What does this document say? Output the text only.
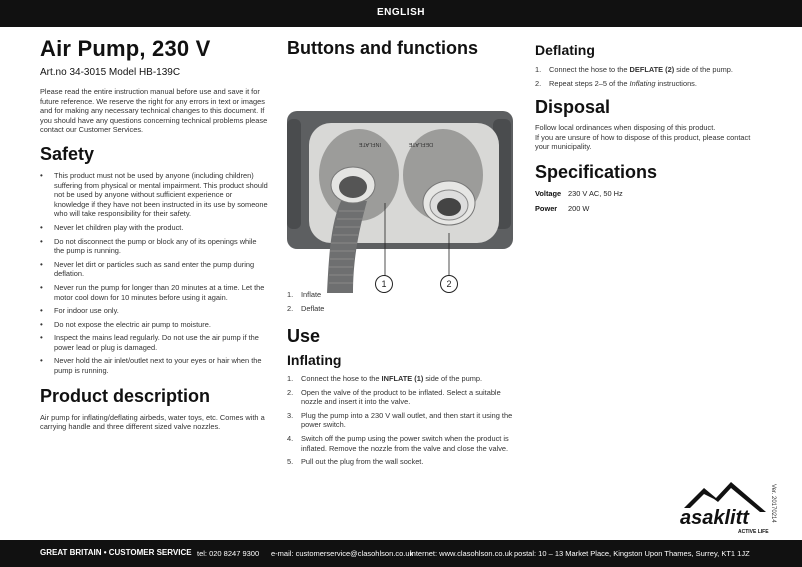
ENGLISH
Air Pump, 230 V
Art.no 34-3015 Model HB-139C

Please read the entire instruction manual before use and save it for future reference. We reserve the right for any errors in text or images and for making any necessary technical changes to this document. If you should have any questions concerning technical problems please contact our Customer Services.

Safety
• This product must not be used by anyone (including children) suffering from physical or mental impairment. This product should not be used by anyone without sufficient experience or knowledge if they have not been instructed in its use by someone who will take responsibility for their safety.
• Never let children play with the product.
• Do not disconnect the pump or block any of its openings while the pump is running.
• Never let dirt or particles such as sand enter the pump during deflation.
• Never run the pump for longer than 20 minutes at a time. Let the motor cool down for 10 minutes before using it again.
• For indoor use only.
• Do not expose the electric air pump to moisture.
• Inspect the mains lead regularly. Do not use the air pump if the power lead or plug is damaged.
• Never hold the air inlet/outlet next to your eyes or hair when the pump is running.
Product description

Air pump for inflating/deflating airbeds, water toys, etc. Comes with a carrying handle and three different sized valve nozzles.

Buttons and functions
INFLATE	DEFLATE
1	2
1. Inflate
2. Deflate
Use
Inflating
1. Connect the hose to the INFLATE (1) side of the pump.
2. Open the valve of the product to be inflated. Select a suitable nozzle and insert it into the valve.
3. Plug the pump into a 230 V wall outlet, and then start it using the power switch.
4. Switch off the pump using the power switch when the product is inflated. Remove the nozzle from the valve and close the valve.
5. Pull out the plug from the wall socket.
Deflating
1. Connect the hose to the DEFLATE (2) side of the pump.
2. Repeat steps 2–5 of the Inflating instructions.
Disposal

Follow local ordinances when disposing of this product.

If you are unsure of how to dispose of this product, please contact your municipality.

Specifications
Voltage 230 V AC, 50 Hz
Power 200 W
Ver. 20170214
asaklitt
ACTIVE LIFE
GREAT BRITAIN • CUSTOMER SERVICE tel: 020 8247 9300 e-mail: customerservice@clasohlson.co.uk
internet: www.clasohlson.co.uk postal: 10 – 13 Market Place, Kingston Upon Thames, Surrey, KT1 1JZ
